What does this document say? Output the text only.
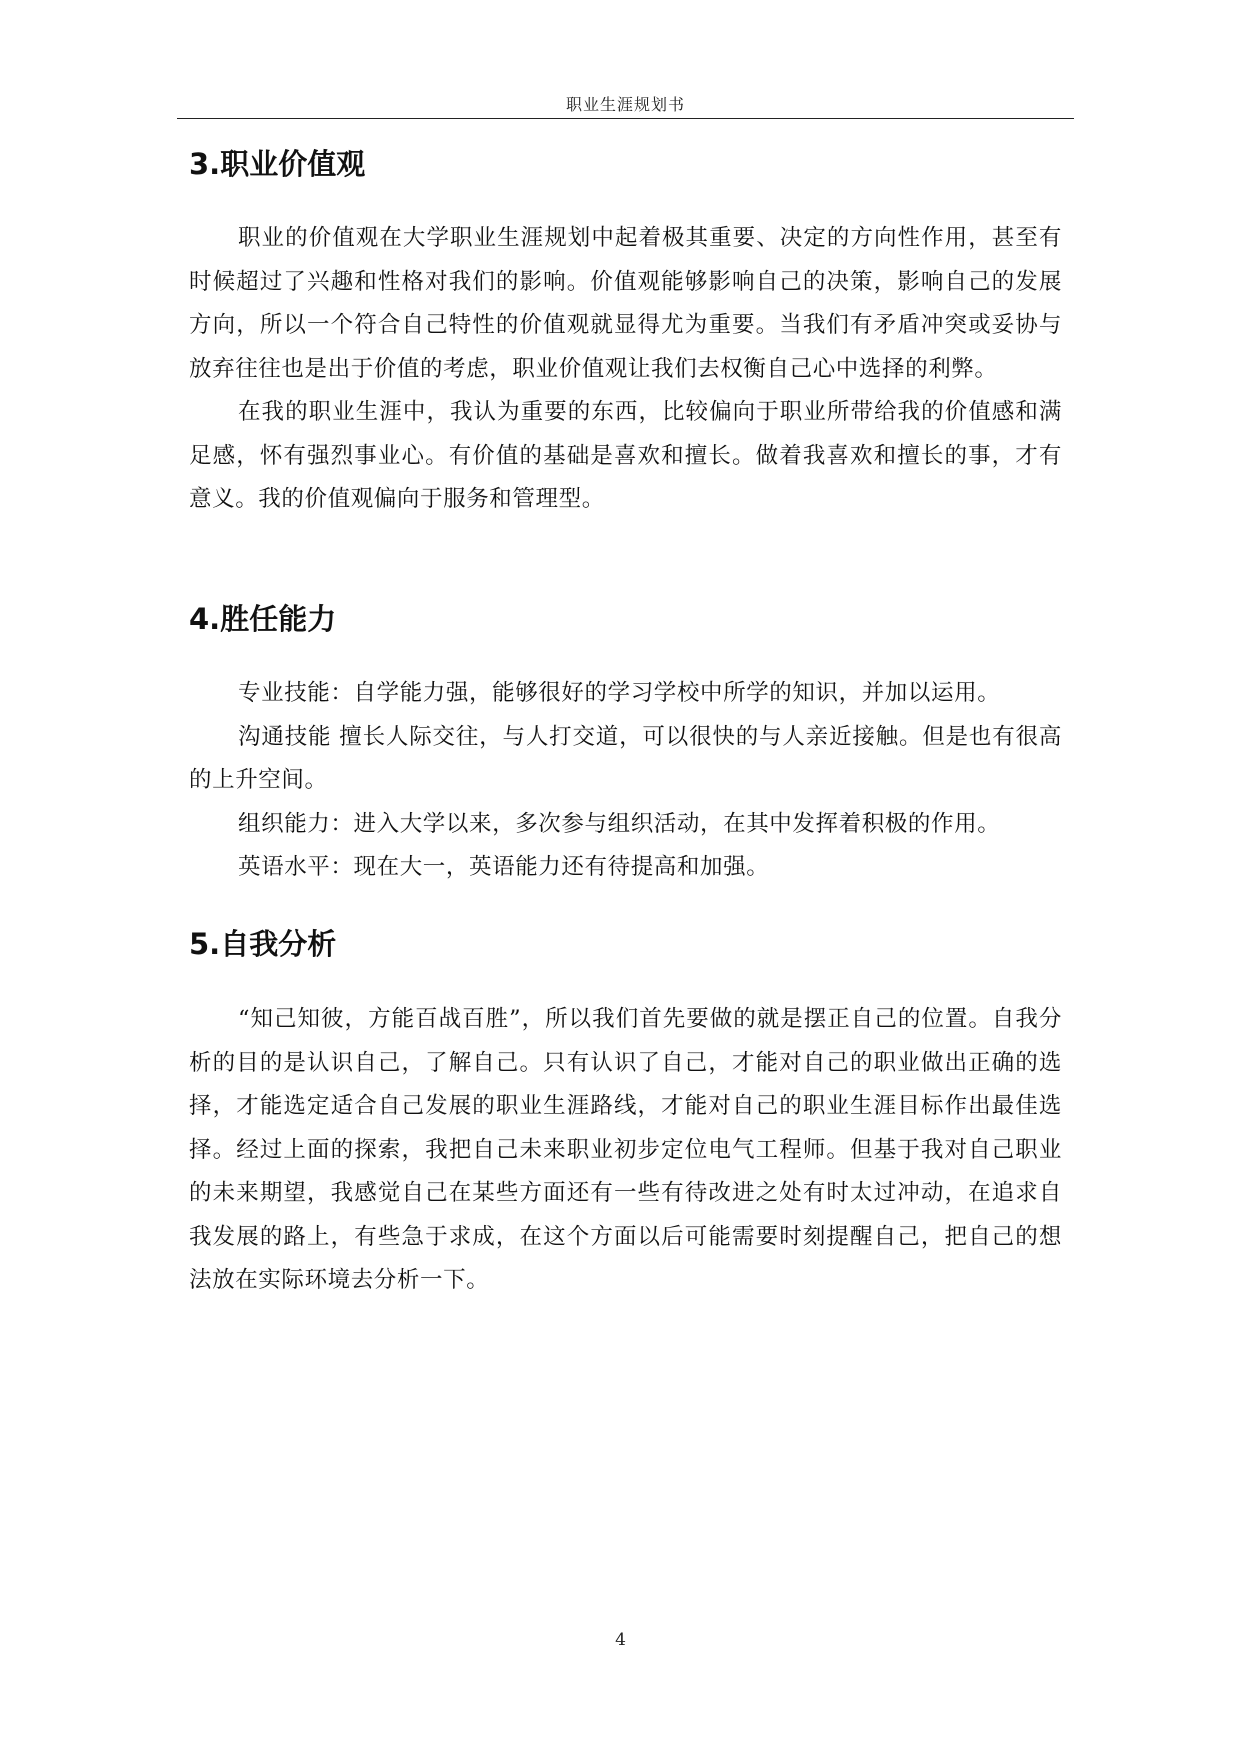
职业生涯规划书
3.职业价值观

职业的价值观在大学职业生涯规划中起着极其重要、决定的方向性作用，甚至有时候超过了兴趣和性格对我们的影响。价值观能够影响自己的决策，影响自己的发展方向，所以一个符合自己特性的价值观就显得尤为重要。当我们有矛盾冲突或妥协与放弃往往也是出于价值的考虑，职业价值观让我们去权衡自己心中选择的利弊。

在我的职业生涯中，我认为重要的东西，比较偏向于职业所带给我的价值感和满足感，怀有强烈事业心。有价值的基础是喜欢和擅长。做着我喜欢和擅长的事，才有意义。我的价值观偏向于服务和管理型。

4.胜任能力

专业技能：自学能力强，能够很好的学习学校中所学的知识，并加以运用。

沟通技能 擅长人际交往，与人打交道，可以很快的与人亲近接触。但是也有很高的上升空间。

组织能力：进入大学以来，多次参与组织活动，在其中发挥着积极的作用。

英语水平：现在大一，英语能力还有待提高和加强。

5.自我分析

“知己知彼，方能百战百胜”，所以我们首先要做的就是摆正自己的位置。自我分析的目的是认识自己，了解自己。只有认识了自己，才能对自己的职业做出正确的选择，才能选定适合自己发展的职业生涯路线，才能对自己的职业生涯目标作出最佳选择。经过上面的探索，我把自己未来职业初步定位电气工程师。但基于我对自己职业的未来期望，我感觉自己在某些方面还有一些有待改进之处有时太过冲动，在追求自我发展的路上，有些急于求成，在这个方面以后可能需要时刻提醒自己，把自己的想法放在实际环境去分析一下。

4
